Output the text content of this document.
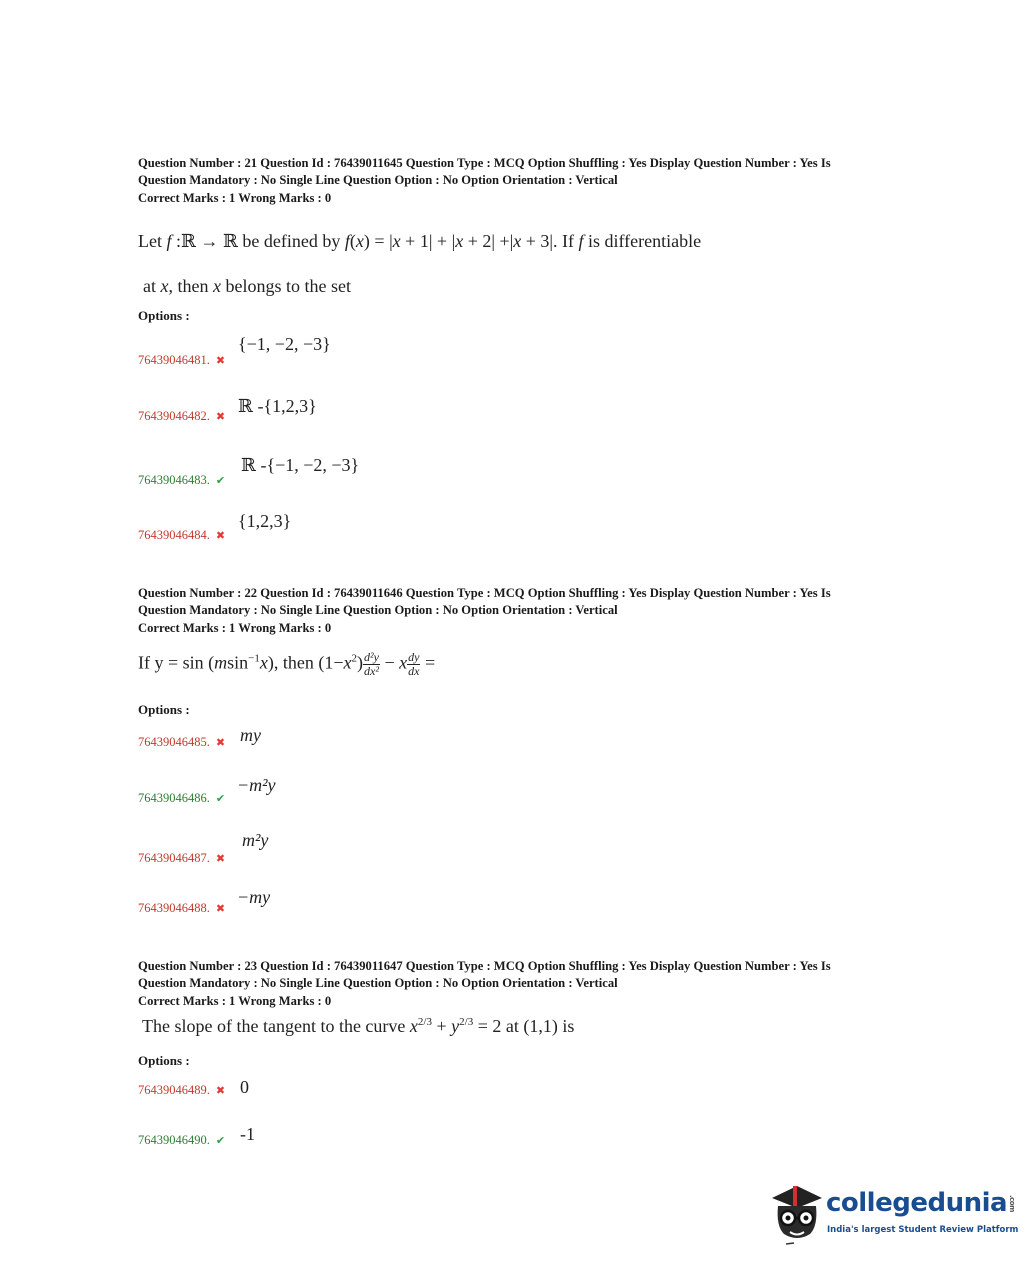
Question Number : 21 Question Id : 76439011645 Question Type : MCQ Option Shuffling : Yes Display Question Number : Yes Is
Question Mandatory : No Single Line Question Option : No Option Orientation : Vertical
Correct Marks : 1 Wrong Marks : 0
Let f :ℝ → ℝ be defined by f(x) = |x + 1| + |x + 2| +|x + 3|. If f is differentiable
at x, then x belongs to the set
Options :
{−1, −2, −3}
76439046481. ✖
ℝ -{1,2,3}
76439046482. ✖
ℝ -{−1, −2, −3}
76439046483. ✔
{1,2,3}
76439046484. ✖
Question Number : 22 Question Id : 76439011646 Question Type : MCQ Option Shuffling : Yes Display Question Number : Yes Is
Question Mandatory : No Single Line Question Option : No Option Orientation : Vertical
Correct Marks : 1 Wrong Marks : 0
If y = sin (msin$^{-1}$x), then $(1-x^2) \frac{\text{d²y}}{\text{dx²}} - x \frac{dy}{dx}$ =
Options :
my
76439046485. ✖
−m²y
76439046486. ✔
m²y
76439046487. ✖
−my
76439046488. ✖
Question Number : 23 Question Id : 76439011647 Question Type : MCQ Option Shuffling : Yes Display Question Number : Yes Is
Question Mandatory : No Single Line Question Option : No Option Orientation : Vertical
Correct Marks : 1 Wrong Marks : 0
The slope of the tangent to the curve $x^{2/3} + y^{2/3} = 2$ at (1,1) is
Options :
0
76439046489. ✖
-1
76439046490. ✔
collegedunia.com
India's largest Student Review Platform
